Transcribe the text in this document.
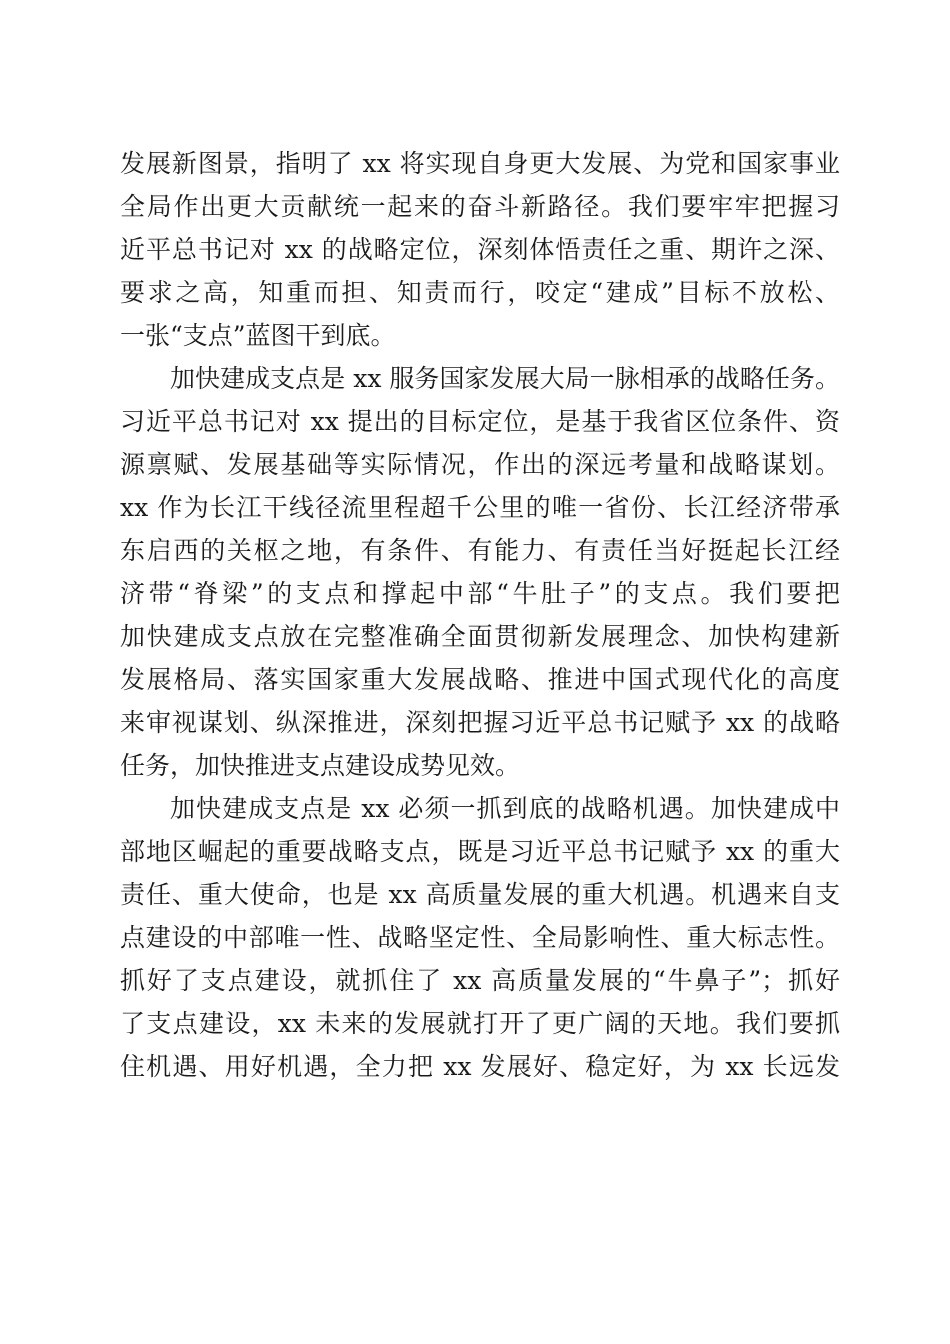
发展新图景，指明了 xx 将实现自身更大发展、为党和国家事业

全局作出更大贡献统一起来的奋斗新路径。我们要牢牢把握习

近平总书记对 xx 的战略定位，深刻体悟责任之重、期许之深、

要求之高，知重而担、知责而行，咬定“建成”目标不放松、

一张“支点”蓝图干到底。

加快建成支点是 xx 服务国家发展大局一脉相承的战略任务。

习近平总书记对 xx 提出的目标定位，是基于我省区位条件、资

源禀赋、发展基础等实际情况，作出的深远考量和战略谋划。

xx 作为长江干线径流里程超千公里的唯一省份、长江经济带承

东启西的关枢之地，有条件、有能力、有责任当好挺起长江经

济带“脊梁”的支点和撑起中部“牛肚子”的支点。我们要把

加快建成支点放在完整准确全面贯彻新发展理念、加快构建新

发展格局、落实国家重大发展战略、推进中国式现代化的高度

来审视谋划、纵深推进，深刻把握习近平总书记赋予 xx 的战略

任务，加快推进支点建设成势见效。

加快建成支点是 xx 必须一抓到底的战略机遇。加快建成中

部地区崛起的重要战略支点，既是习近平总书记赋予 xx 的重大

责任、重大使命，也是 xx 高质量发展的重大机遇。机遇来自支

点建设的中部唯一性、战略坚定性、全局影响性、重大标志性。

抓好了支点建设，就抓住了 xx 高质量发展的“牛鼻子”；抓好

了支点建设，xx 未来的发展就打开了更广阔的天地。我们要抓

住机遇、用好机遇，全力把 xx 发展好、稳定好，为 xx 长远发
